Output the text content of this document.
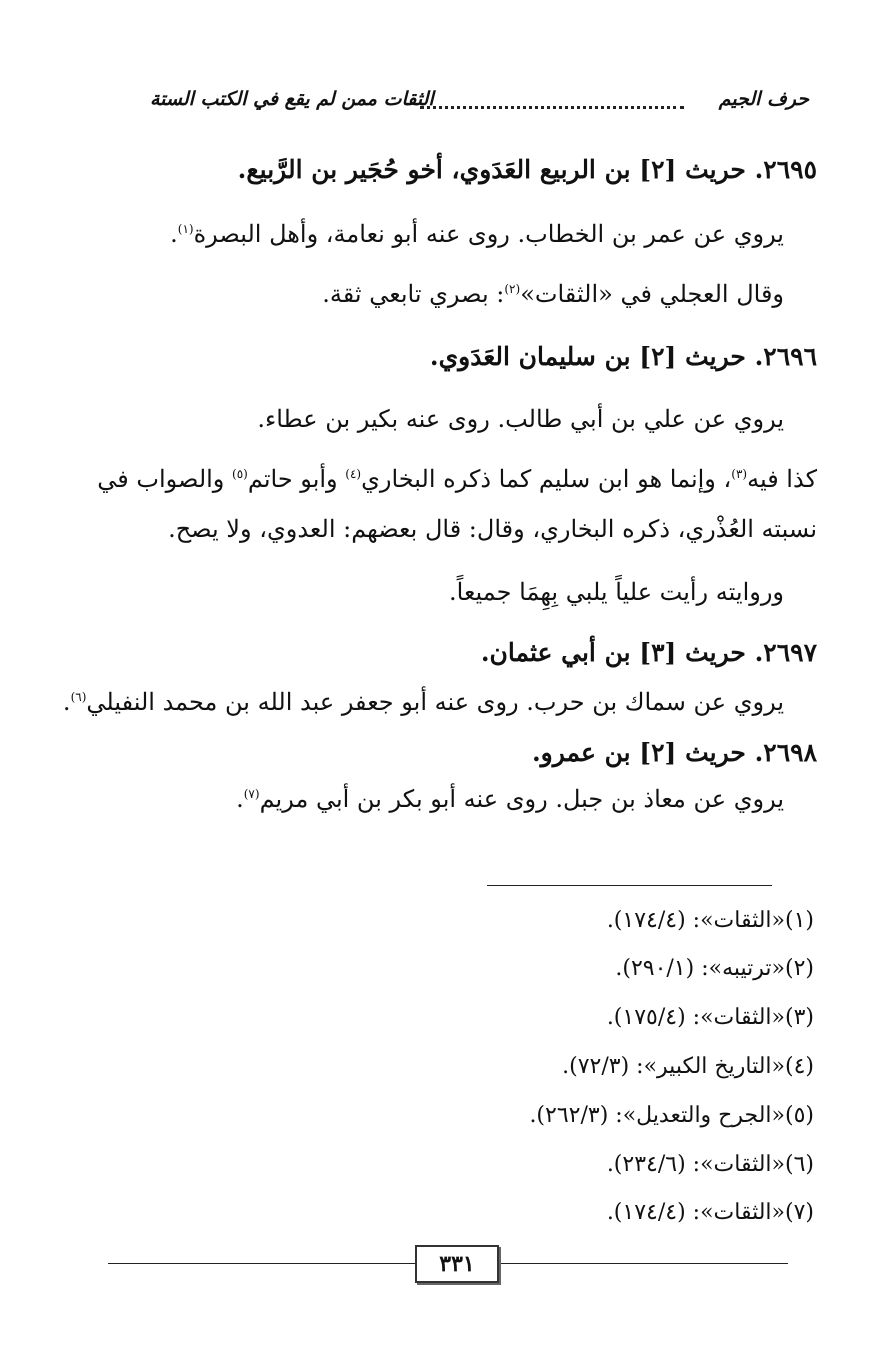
حرف الجيم
الثقات ممن لم يقع في الكتب الستة
٢٦٩٥. حريث [٢] بن الربيع العَدَوي، أخو حُجَير بن الرَّبيع.
يروي عن عمر بن الخطاب. روى عنه أبو نعامة، وأهل البصرة$^{(١)}$.
وقال العجلي في «الثقات»$^{(٢)}$: بصري تابعي ثقة.
٢٦٩٦. حريث [٢] بن سليمان العَدَوي.
يروي عن علي بن أبي طالب. روى عنه بكير بن عطاء.
كذا فيه$^{(٣)}$، وإنما هو ابن سليم كما ذكره البخاري$^{(٤)}$ وأبو حاتم$^{(٥)}$ والصواب في
نسبته العُذْري، ذكره البخاري، وقال: قال بعضهم: العدوي، ولا يصح.
وروايته رأيت علياً يلبي بِهِمَا جميعاً.
٢٦٩٧. حريث [٣] بن أبي عثمان.
يروي عن سماك بن حرب. روى عنه أبو جعفر عبد الله بن محمد النفيلي$^{(٦)}$.
٢٦٩٨. حريث [٢] بن عمرو.
يروي عن معاذ بن جبل. روى عنه أبو بكر بن أبي مريم$^{(٧)}$.
(١)«الثقات»: (١٧٤/٤).
(٢)«ترتيبه»: (٢٩٠/١).
(٣)«الثقات»: (١٧٥/٤).
(٤)«التاريخ الكبير»: (٧٢/٣).
(٥)«الجرح والتعديل»: (٢٦٢/٣).
(٦)«الثقات»: (٢٣٤/٦).
(٧)«الثقات»: (١٧٤/٤).
٣٣١
